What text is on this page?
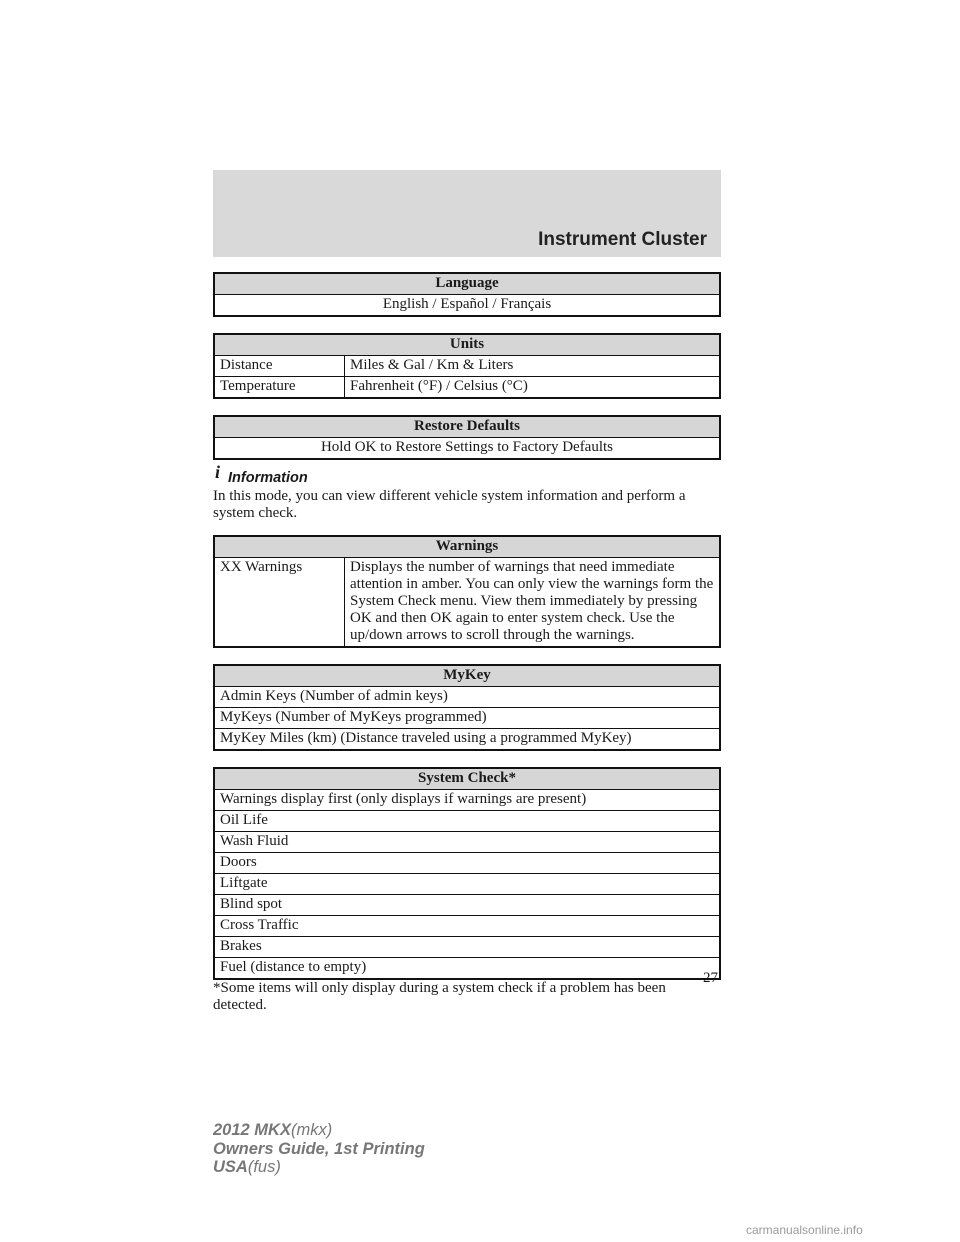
Instrument Cluster
Language
English / Español / Français
Units	
Distance	Miles & Gal / Km & Liters
Temperature	Fahrenheit (°F) / Celsius (°C)
Restore Defaults
Hold OK to Restore Settings to Factory Defaults
i Information

In this mode, you can view different vehicle system information and perform a system check.

Warnings
XX Warnings	Displays the number of warnings that need immediate attention in amber. You can only view the warnings form the System Check menu. View them immediately by pressing OK and then OK again to enter system check. Use the up/down arrows to scroll through the warnings.
MyKey
Admin Keys (Number of admin keys)
MyKeys (Number of MyKeys programmed)
MyKey Miles (km) (Distance traveled using a programmed MyKey)
System Check*
Warnings display first (only displays if warnings are present)
Oil Life
Wash Fluid
Doors
Liftgate
Blind spot
Cross Traffic
Brakes
Fuel (distance to empty)

*Some items will only display during a system check if a problem has been detected.

27
2012 MKX(mkx)
Owners Guide, 1st Printing
USA(fus)
carmanualsonline.info
